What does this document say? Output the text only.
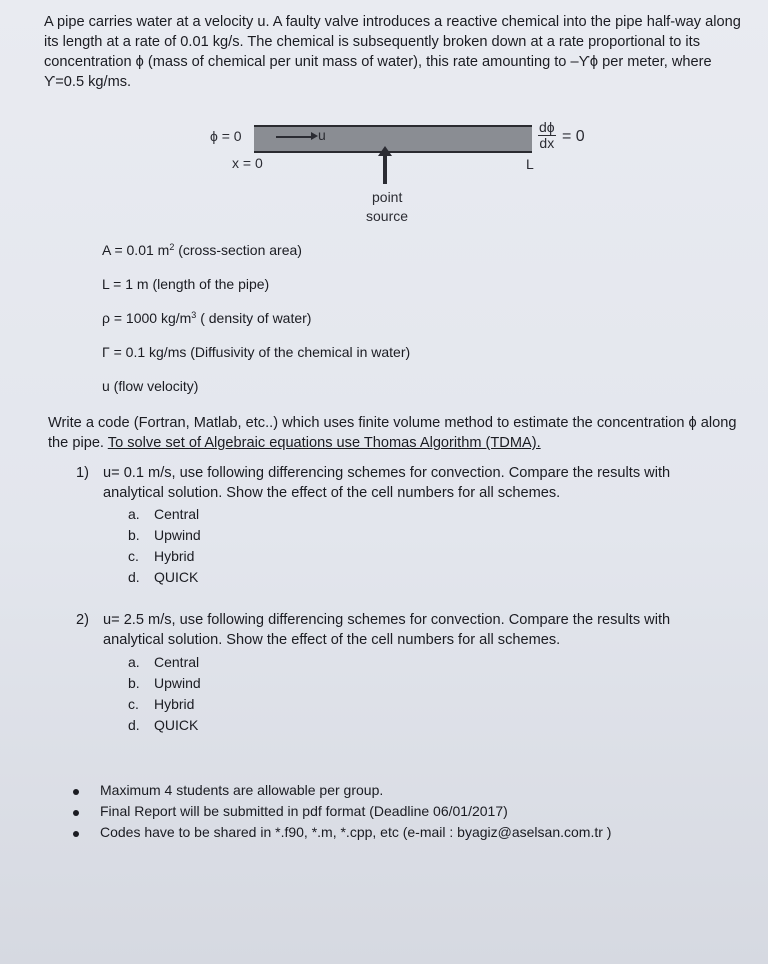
A pipe carries water at a velocity u. A faulty valve introduces a reactive chemical into the pipe half-way along its length at a rate of 0.01 kg/s. The chemical is subsequently broken down at a rate proportional to its concentration ϕ (mass of chemical per unit mass of water), this rate amounting to –ϒϕ per meter, where ϒ=0.5 kg/ms.

ϕ = 0
x = 0
u
L
$\frac{d\phi}{dx} = 0$
point
source
A = 0.01 $m^2$ (cross-section area)
L = 1 m (length of the pipe)
ρ = 1000 $kg/m^3$ ( density of water)
Γ = 0.1 kg/ms (Diffusivity of the chemical in water)
u (flow velocity)

Write a code (Fortran, Matlab, etc..) which uses finite volume method to estimate the concentration ϕ along the pipe. To solve set of Algebraic equations use Thomas Algorithm (TDMA).

1) u= 0.1 m/s, use following differencing schemes for convection. Compare the results with analytical solution. Show the effect of the cell numbers for all schemes.
a. Central
b. Upwind
c. Hybrid
d. QUICK
2) u= 2.5 m/s, use following differencing schemes for convection. Compare the results with analytical solution. Show the effect of the cell numbers for all schemes.
a. Central
b. Upwind
c. Hybrid
d. QUICK
Maximum 4 students are allowable per group.
Final Report will be submitted in pdf format (Deadline 06/01/2017)
Codes have to be shared in *.f90, *.m, *.cpp, etc (e-mail : byagiz@aselsan.com.tr )
